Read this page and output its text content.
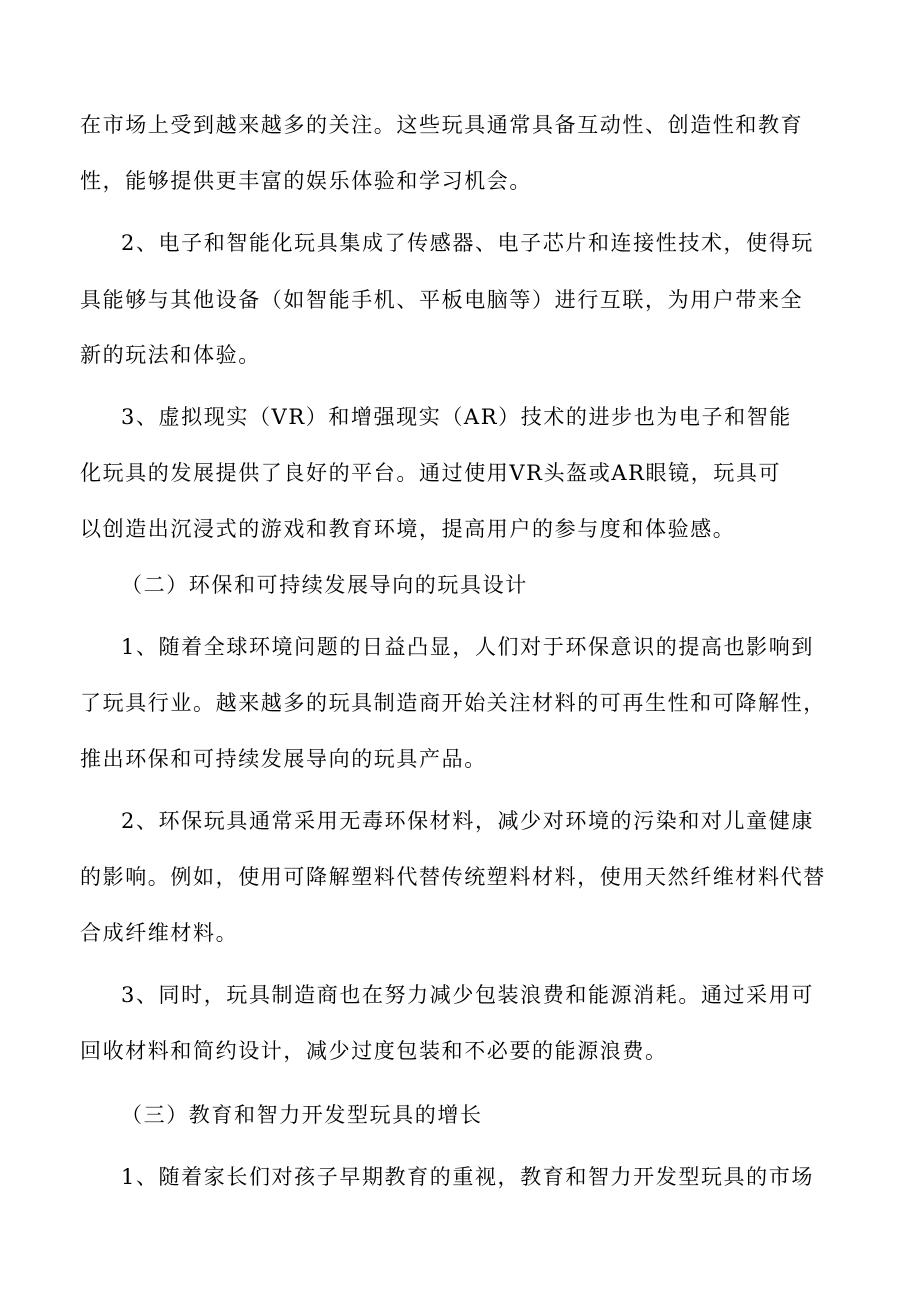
在市场上受到越来越多的关注。这些玩具通常具备互动性、创造性和教育
性，能够提供更丰富的娱乐体验和学习机会。
2、电子和智能化玩具集成了传感器、电子芯片和连接性技术，使得玩
具能够与其他设备（如智能手机、平板电脑等）进行互联，为用户带来全
新的玩法和体验。
3、虚拟现实（VR）和增强现实（AR）技术的进步也为电子和智能
化玩具的发展提供了良好的平台。通过使用VR头盔或AR眼镜，玩具可
以创造出沉浸式的游戏和教育环境，提高用户的参与度和体验感。
（二）环保和可持续发展导向的玩具设计
1、随着全球环境问题的日益凸显，人们对于环保意识的提高也影响到
了玩具行业。越来越多的玩具制造商开始关注材料的可再生性和可降解性，
推出环保和可持续发展导向的玩具产品。
2、环保玩具通常采用无毒环保材料，减少对环境的污染和对儿童健康
的影响。例如，使用可降解塑料代替传统塑料材料，使用天然纤维材料代替
合成纤维材料。
3、同时，玩具制造商也在努力减少包装浪费和能源消耗。通过采用可
回收材料和简约设计，减少过度包装和不必要的能源浪费。
（三）教育和智力开发型玩具的增长
1、随着家长们对孩子早期教育的重视，教育和智力开发型玩具的市场
